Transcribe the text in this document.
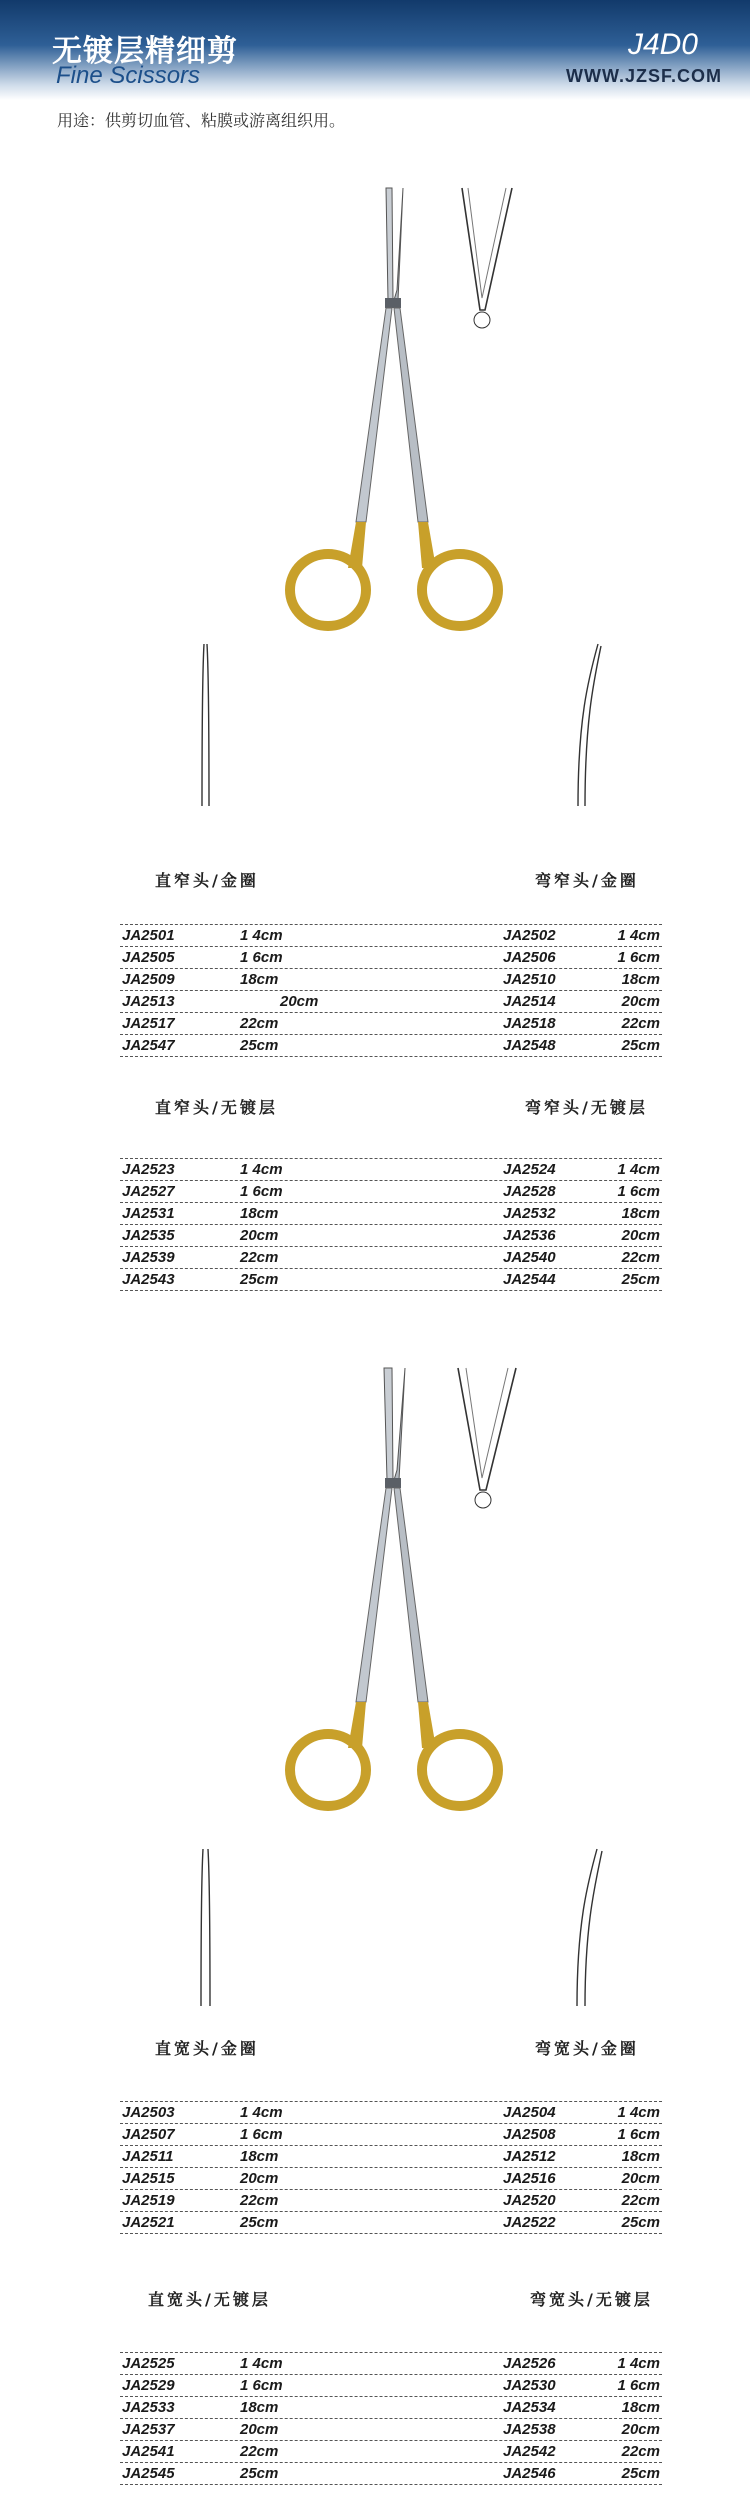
无镀层精细剪
Fine Scissors
J4D0
WWW.JZSF.COM
用途：供剪切血管、粘膜或游离组织用。
直窄头/金圈	弯窄头/金圈
JA2501	1 4cm	JA2502	1 4cm
JA2505	1 6cm	JA2506	1 6cm
JA2509	18cm	JA2510	18cm
JA2513	20cm	JA2514	20cm
JA2517	22cm	JA2518	22cm
JA2547	25cm	JA2548	25cm
直窄头/无镀层	弯窄头/无镀层
JA2523	1 4cm	JA2524	1 4cm
JA2527	1 6cm	JA2528	1 6cm
JA2531	18cm	JA2532	18cm
JA2535	20cm	JA2536	20cm
JA2539	22cm	JA2540	22cm
JA2543	25cm	JA2544	25cm
直宽头/金圈	弯宽头/金圈
JA2503	1 4cm	JA2504	1 4cm
JA2507	1 6cm	JA2508	1 6cm
JA2511	18cm	JA2512	18cm
JA2515	20cm	JA2516	20cm
JA2519	22cm	JA2520	22cm
JA2521	25cm	JA2522	25cm
直宽头/无镀层	弯宽头/无镀层
JA2525	1 4cm	JA2526	1 4cm
JA2529	1 6cm	JA2530	1 6cm
JA2533	18cm	JA2534	18cm
JA2537	20cm	JA2538	20cm
JA2541	22cm	JA2542	22cm
JA2545	25cm	JA2546	25cm
